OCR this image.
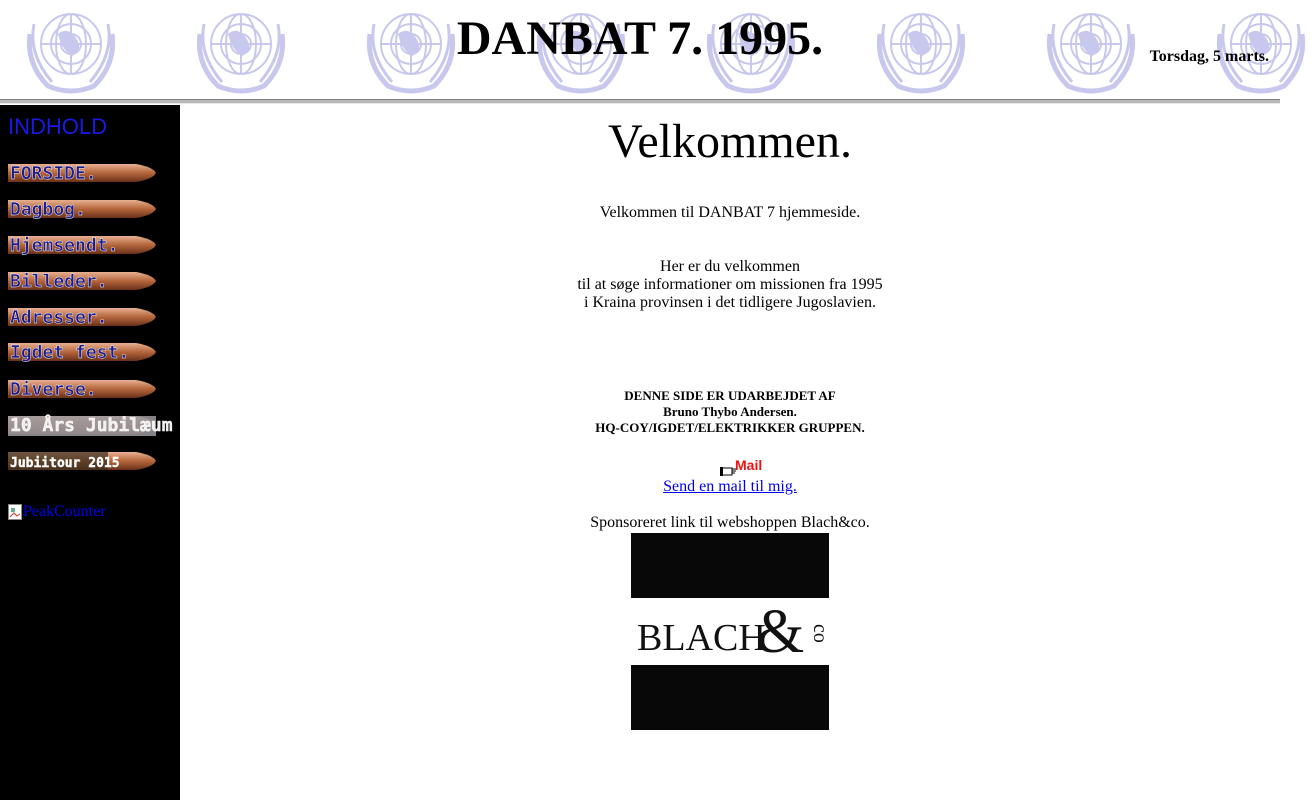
DANBAT 7. 1995.	Torsdag, 5 marts.
INDHOLD
FORSIDE.
Dagbog.
Hjemsendt.
Billeder.
Adresser.
Igdet fest.
Diverse.
10 Års Jubilæum
Jubiitour 2015
PeakCounter
Velkommen.
Velkommen til DANBAT 7 hjemmeside.
Her er du velkommen
til at søge informationer om missionen fra 1995
i Kraina provinsen i det tidligere Jugoslavien.
DENNE SIDE ER UDARBEJDET AF
Bruno Thybo Andersen.
HQ-COY/IGDET/ELEKTRIKKER GRUPPEN.
Mail
Send en mail til mig.
Sponsoreret link til webshoppen Blach&co.
BLACH
& co
